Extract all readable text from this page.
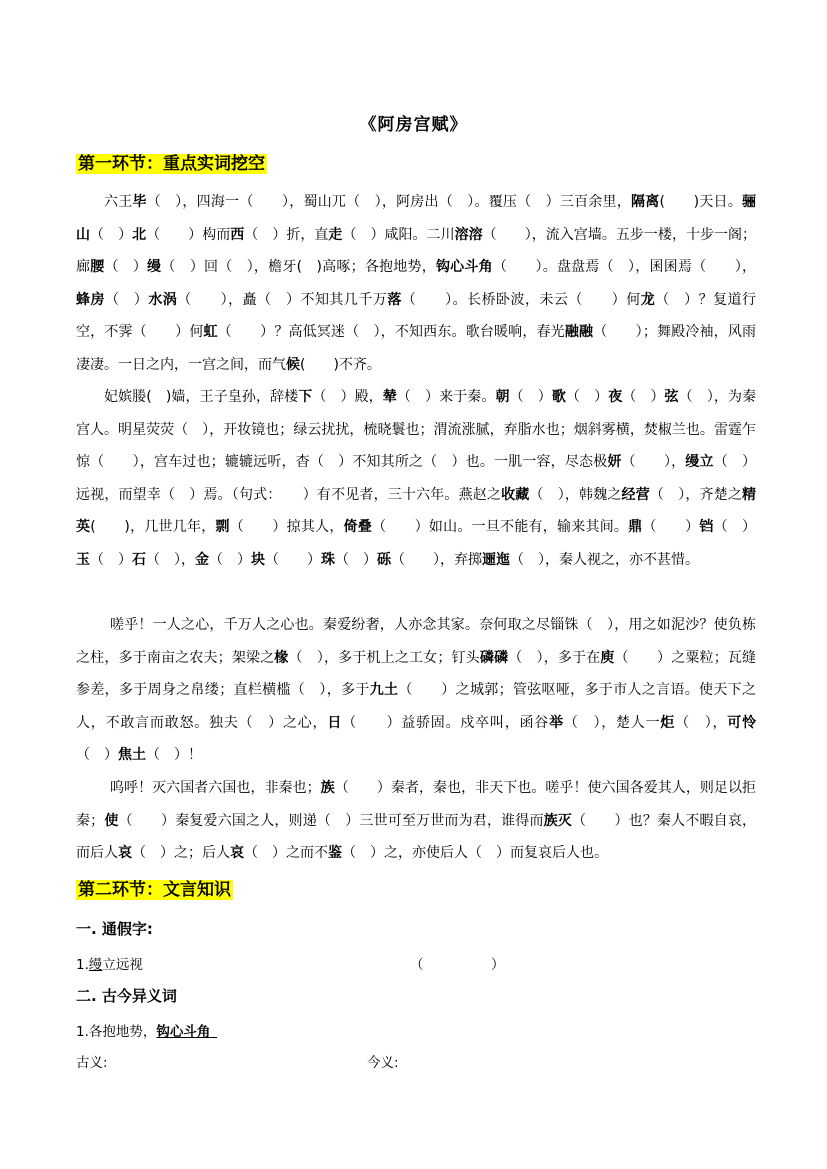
《阿房宫赋》
第一环节：重点实词挖空
六王毕（　），四海一（　　），蜀山兀（　），阿房出（　）。覆压（　）三百余里，隔离(　　)天日。骊山（　）北（　　）构而西（　）折，直走（　）咸阳。二川溶溶（　　），流入宫墙。五步一楼，十步一阁；廊腰（　）缦（　）回（　），檐牙(　)高啄；各抱地势，钩心斗角（　　）。盘盘焉（　），囷囷焉（　　），蜂房（　）水涡（　　），矗（　）不知其几千万落（　　）。长桥卧波，未云（　　）何龙（　）？复道行空，不霁（　　）何虹（　　）？高低冥迷（　），不知西东。歌台暖响，春光融融（　　）；舞殿冷袖，风雨凄凄。一日之内，一宫之间，而气候(　　)不齐。
妃嫔媵(　)嫱，王子皇孙，辞楼下（　）殿，辇（　）来于秦。朝（　）歌（　）夜（　）弦（　），为秦宫人。明星荧荧（　），开妆镜也；绿云扰扰，梳晓鬟也；渭流涨腻，弃脂水也；烟斜雾横，焚椒兰也。雷霆乍惊（　　），宫车过也；辘辘远听，杳（　）不知其所之（　）也。一肌一容，尽态极妍（　　），缦立（　）远视，而望幸（　）焉。（句式：　　）有不见者，三十六年。燕赵之收藏（　），韩魏之经营（　），齐楚之精英(　　)，几世几年，剽（　　）掠其人，倚叠（　　）如山。一旦不能有，输来其间。鼎（　　）铛（　）玉（　）石（　），金（　）块（　　）珠（　）砾（　　），弃掷逦迤（　），秦人视之，亦不甚惜。
嗟乎！一人之心，千万人之心也。秦爱纷奢，人亦念其家。奈何取之尽锱铢（　），用之如泥沙？使负栋之柱，多于南亩之农夫；架梁之椽（　），多于机上之工女；钉头磷磷（　），多于在庾（　　）之粟粒；瓦缝参差，多于周身之帛缕；直栏横槛（　），多于九土（　　）之城郭；管弦呕哑，多于市人之言语。使天下之人，不敢言而敢怒。独夫（　）之心，日（　　）益骄固。戍卒叫，函谷举（　），楚人一炬（　），可怜（　）焦土（　）！
呜呼！灭六国者六国也，非秦也；族（　　）秦者，秦也，非天下也。嗟乎！使六国各爱其人，则足以拒秦；使（　　）秦复爱六国之人，则递（　）三世可至万世而为君，谁得而族灭（　　）也？秦人不暇自哀，而后人哀（　）之；后人哀（　）之而不鉴（　）之，亦使后人（　）而复哀后人也。
第二环节：文言知识
一. 通假字:
1.缦立远视	（　　　　　）
二. 古今异义词
1.各抱地势，钩心斗角 
古义:	今义:
